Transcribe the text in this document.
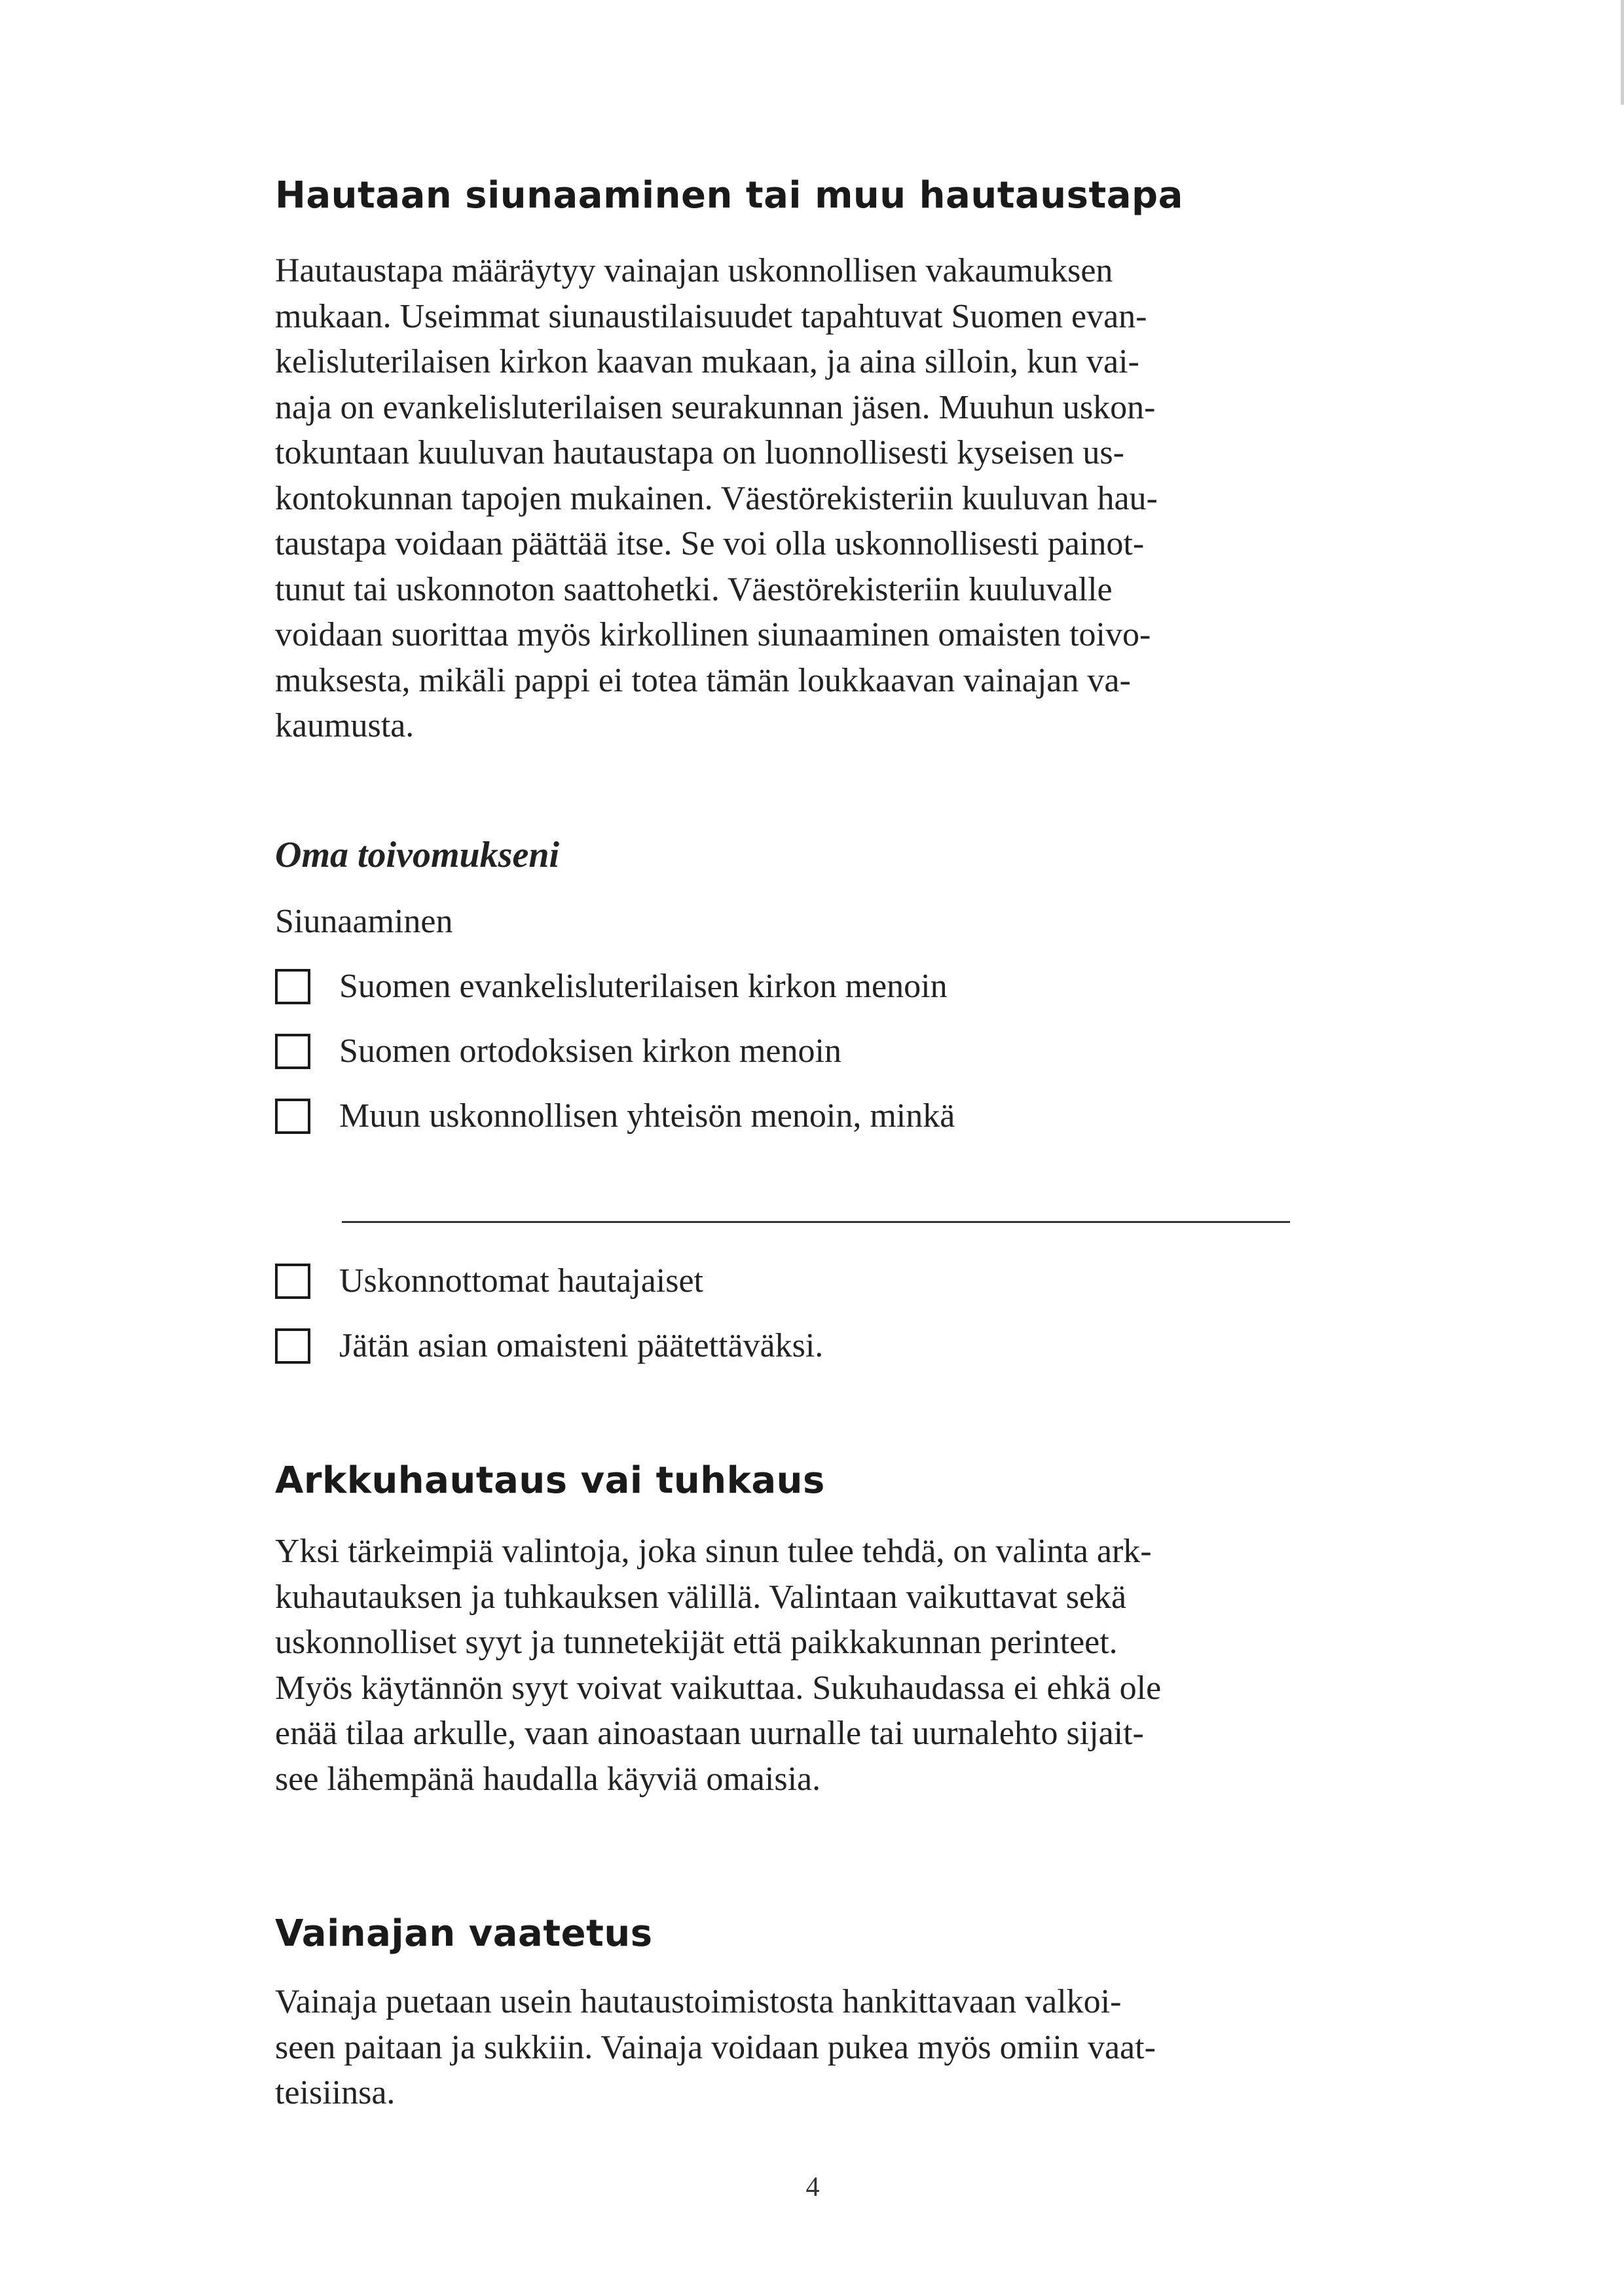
Hautaan siunaaminen tai muu hautaustapa
Hautaustapa määräytyy vainajan uskonnollisen vakaumuksen
mukaan. Useimmat siunaustilaisuudet tapahtuvat Suomen evan-
kelisluterilaisen kirkon kaavan mukaan, ja aina silloin, kun vai-
naja on evankelisluterilaisen seurakunnan jäsen. Muuhun uskon-
tokuntaan kuuluvan hautaustapa on luonnollisesti kyseisen us-
kontokunnan tapojen mukainen. Väestörekisteriin kuuluvan hau-
taustapa voidaan päättää itse. Se voi olla uskonnollisesti painot-
tunut tai uskonnoton saattohetki. Väestörekisteriin kuuluvalle
voidaan suorittaa myös kirkollinen siunaaminen omaisten toivo-
muksesta, mikäli pappi ei totea tämän loukkaavan vainajan va-
kaumusta.
Oma toivomukseni
Siunaaminen
Suomen evankelisluterilaisen kirkon menoin
Suomen ortodoksisen kirkon menoin
Muun uskonnollisen yhteisön menoin, minkä
Uskonnottomat hautajaiset
Jätän asian omaisteni päätettäväksi.
Arkkuhautaus vai tuhkaus
Yksi tärkeimpiä valintoja, joka sinun tulee tehdä, on valinta ark-
kuhautauksen ja tuhkauksen välillä. Valintaan vaikuttavat sekä
uskonnolliset syyt ja tunnetekijät että paikkakunnan perinteet.
Myös käytännön syyt voivat vaikuttaa. Sukuhaudassa ei ehkä ole
enää tilaa arkulle, vaan ainoastaan uurnalle tai uurnalehto sijait-
see lähempänä haudalla käyviä omaisia.
Vainajan vaatetus
Vainaja puetaan usein hautaustoimistosta hankittavaan valkoi-
seen paitaan ja sukkiin. Vainaja voidaan pukea myös omiin vaat-
teisiinsa.
4
